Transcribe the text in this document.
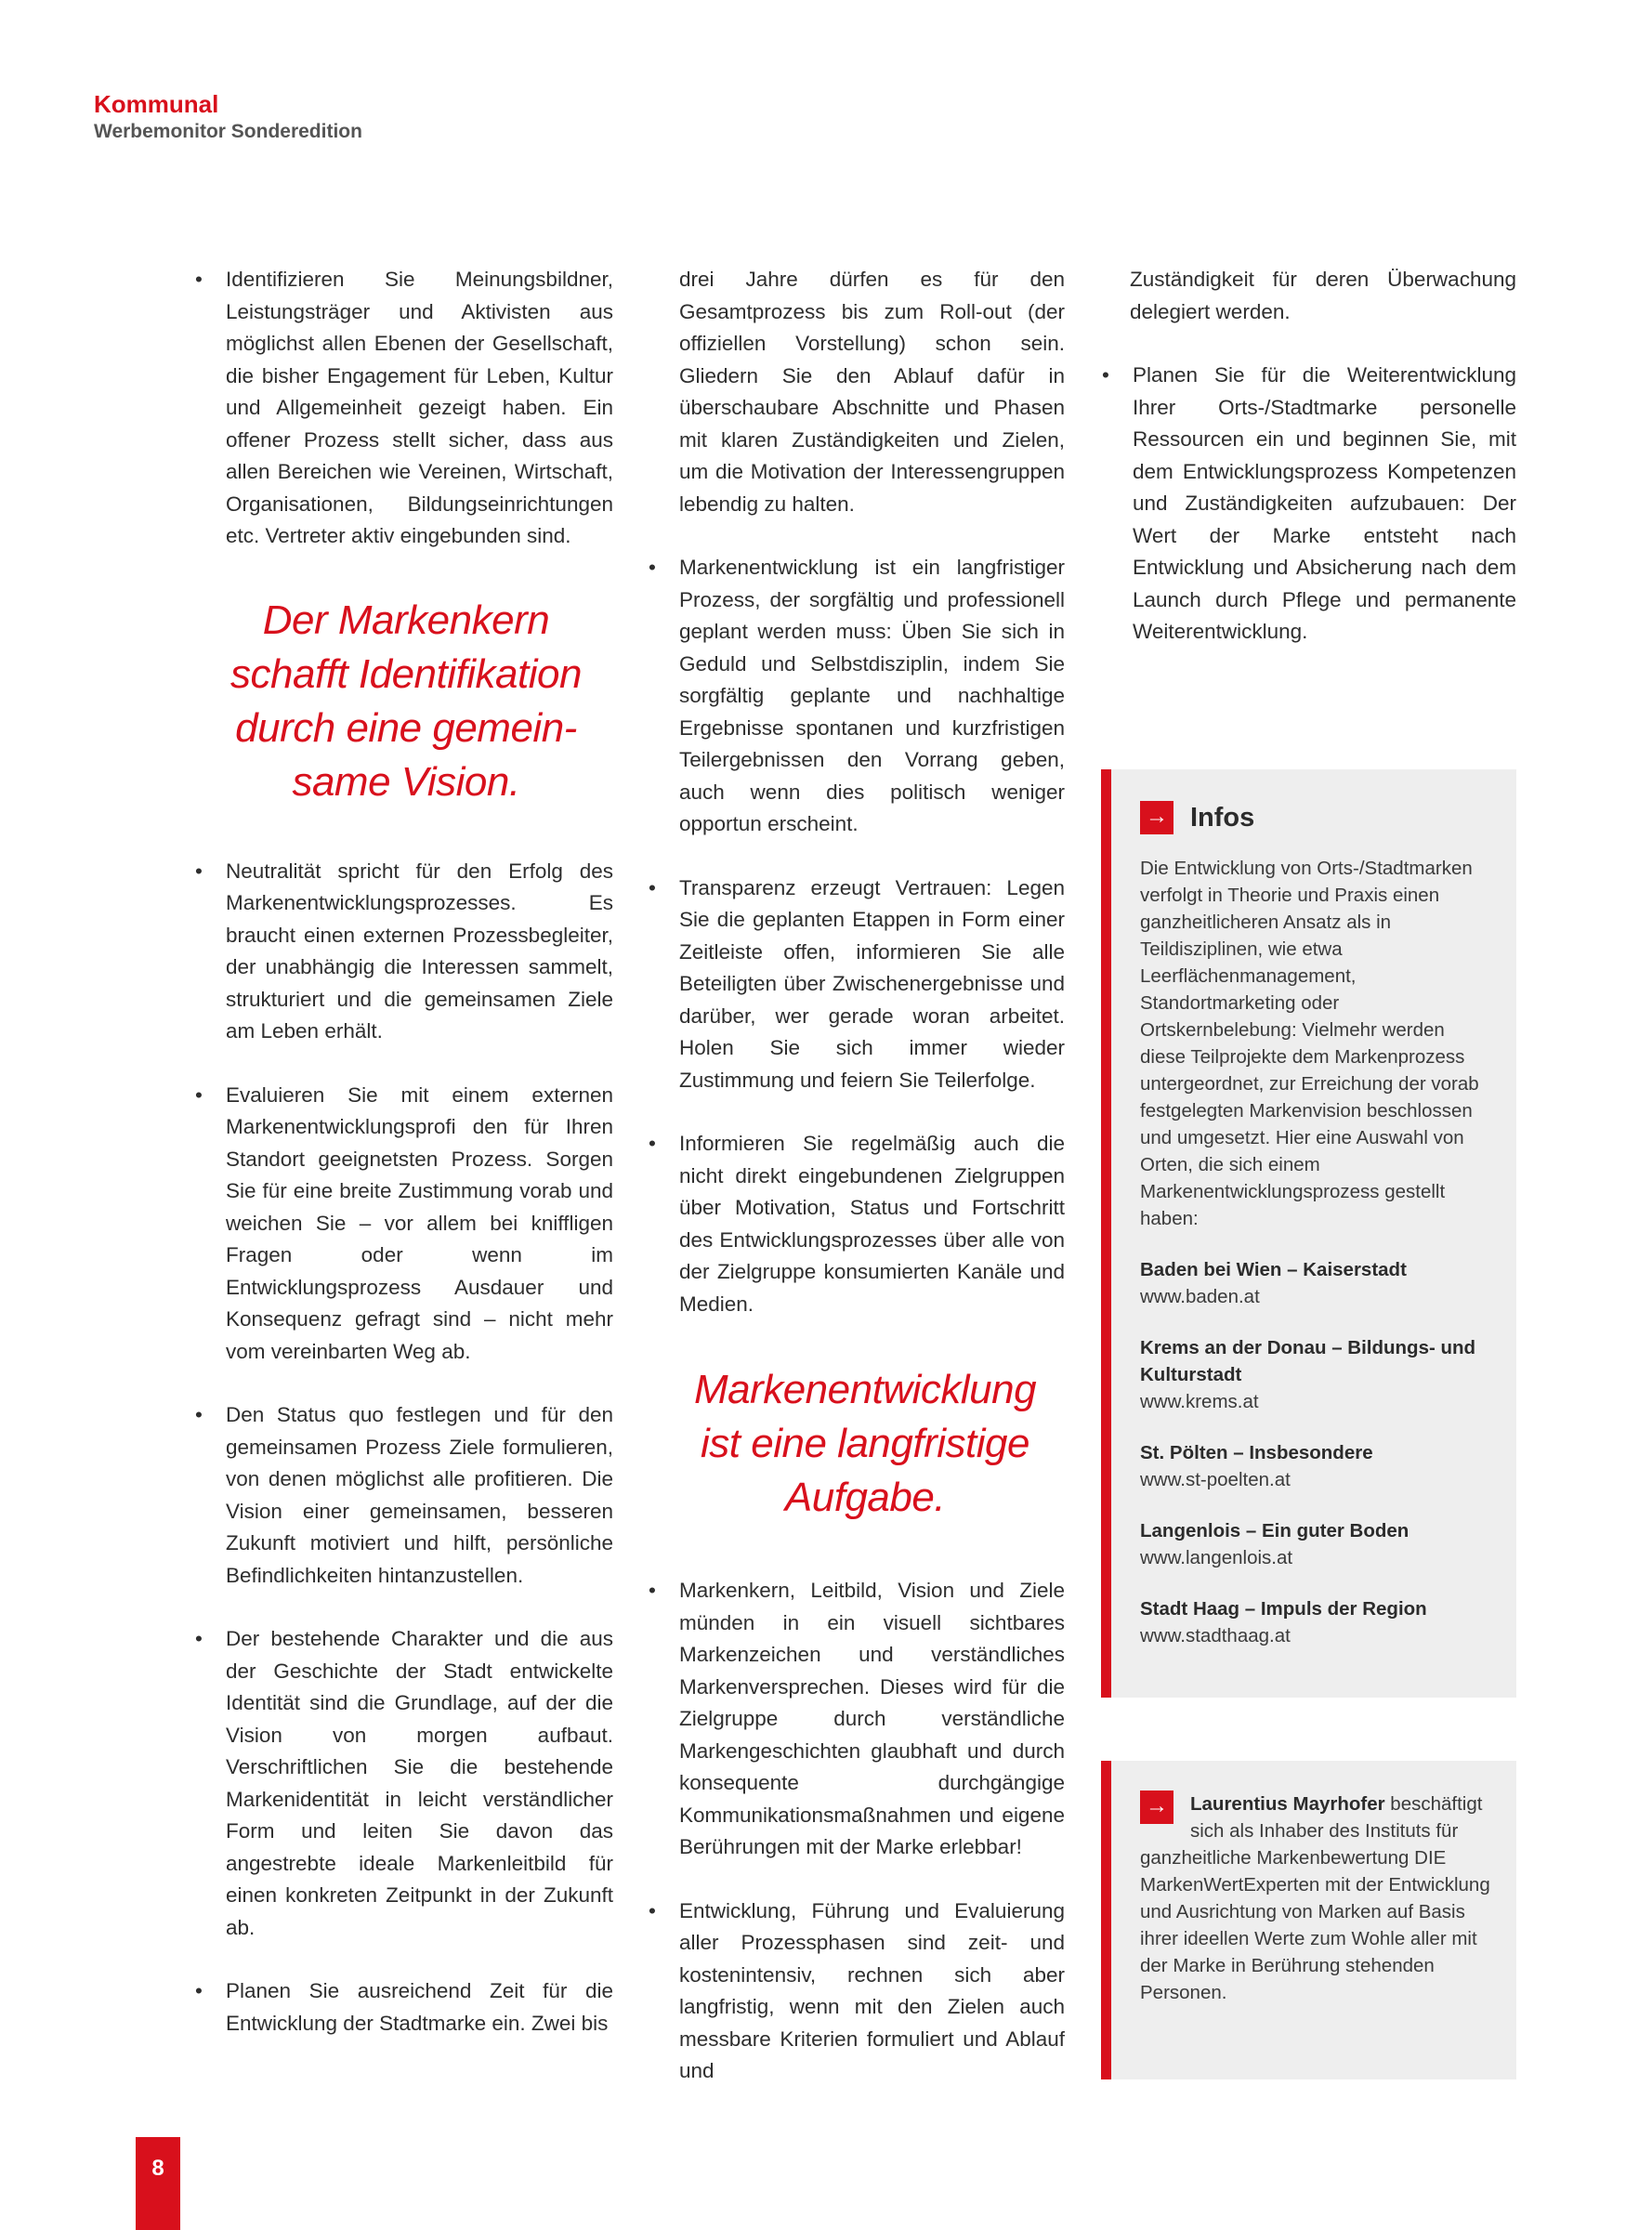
Kommunal
Werbemonitor Sonderedition
• Identifizieren Sie Meinungsbildner, Leistungsträger und Aktivisten aus möglichst allen Ebenen der Gesellschaft, die bisher Engagement für Leben, Kultur und Allgemeinheit gezeigt haben. Ein offener Prozess stellt sicher, dass aus allen Bereichen wie Vereinen, Wirtschaft, Organisationen, Bildungseinrichtungen etc. Vertreter aktiv eingebunden sind.
Der Markenkern
schafft Identifikation
durch eine gemein-
same Vision.
• Neutralität spricht für den Erfolg des Markenentwicklungsprozesses. Es braucht einen externen Prozessbegleiter, der unabhängig die Interessen sammelt, strukturiert und die gemeinsamen Ziele am Leben erhält.
• Evaluieren Sie mit einem externen Markenentwicklungsprofi den für Ihren Standort geeignetsten Prozess. Sorgen Sie für eine breite Zustimmung vorab und weichen Sie – vor allem bei kniffligen Fragen oder wenn im Entwicklungsprozess Ausdauer und Konsequenz gefragt sind – nicht mehr vom vereinbarten Weg ab.
• Den Status quo festlegen und für den gemeinsamen Prozess Ziele formulieren, von denen möglichst alle profitieren. Die Vision einer gemeinsamen, besseren Zukunft motiviert und hilft, persönliche Befindlichkeiten hintanzustellen.
• Der bestehende Charakter und die aus der Geschichte der Stadt entwickelte Identität sind die Grundlage, auf der die Vision von morgen aufbaut. Verschriftlichen Sie die bestehende Markenidentität in leicht verständlicher Form und leiten Sie davon das angestrebte ideale Markenleitbild für einen konkreten Zeitpunkt in der Zukunft ab.
• Planen Sie ausreichend Zeit für die Entwicklung der Stadtmarke ein. Zwei bis
drei Jahre dürfen es für den Gesamtprozess bis zum Roll-out (der offiziellen Vorstellung) schon sein. Gliedern Sie den Ablauf dafür in überschaubare Abschnitte und Phasen mit klaren Zuständigkeiten und Zielen, um die Motivation der Interessengruppen lebendig zu halten.
• Markenentwicklung ist ein langfristiger Prozess, der sorgfältig und professionell geplant werden muss: Üben Sie sich in Geduld und Selbstdisziplin, indem Sie sorgfältig geplante und nachhaltige Ergebnisse spontanen und kurzfristigen Teilergebnissen den Vorrang geben, auch wenn dies politisch weniger opportun erscheint.
• Transparenz erzeugt Vertrauen: Legen Sie die geplanten Etappen in Form einer Zeitleiste offen, informieren Sie alle Beteiligten über Zwischenergebnisse und darüber, wer gerade woran arbeitet. Holen Sie sich immer wieder Zustimmung und feiern Sie Teilerfolge.
• Informieren Sie regelmäßig auch die nicht direkt eingebundenen Zielgruppen über Motivation, Status und Fortschritt des Entwicklungsprozesses über alle von der Zielgruppe konsumierten Kanäle und Medien.
Markenentwicklung
ist eine langfristige
Aufgabe.
• Markenkern, Leitbild, Vision und Ziele münden in ein visuell sichtbares Markenzeichen und verständliches Markenversprechen. Dieses wird für die Zielgruppe durch verständliche Markengeschichten glaubhaft und durch konsequente durchgängige Kommunikationsmaßnahmen und eigene Berührungen mit der Marke erlebbar!
• Entwicklung, Führung und Evaluierung aller Prozessphasen sind zeit- und kostenintensiv, rechnen sich aber langfristig, wenn mit den Zielen auch messbare Kriterien formuliert und Ablauf und
Zuständigkeit für deren Überwachung delegiert werden.
• Planen Sie für die Weiterentwicklung Ihrer Orts-/Stadtmarke personelle Ressourcen ein und beginnen Sie, mit dem Entwicklungsprozess Kompetenzen und Zuständigkeiten aufzubauen: Der Wert der Marke entsteht nach Entwicklung und Absicherung nach dem Launch durch Pflege und permanente Weiterentwicklung.
→ Infos
Die Entwicklung von Orts-/Stadtmarken verfolgt in Theorie und Praxis einen ganzheitlicheren Ansatz als in Teildisziplinen, wie etwa Leerflächenmanagement, Standortmarketing oder Ortskernbelebung: Vielmehr werden diese Teilprojekte dem Markenprozess untergeordnet, zur Erreichung der vorab festgelegten Markenvision beschlossen und umgesetzt. Hier eine Auswahl von Orten, die sich einem Markenentwicklungsprozess gestellt haben:
Baden bei Wien – Kaiserstadt
www.baden.at
Krems an der Donau – Bildungs- und Kulturstadt
www.krems.at
St. Pölten – Insbesondere
www.st-poelten.at
Langenlois – Ein guter Boden
www.langenlois.at
Stadt Haag – Impuls der Region
www.stadthaag.at
→ Laurentius Mayrhofer beschäftigt sich als Inhaber des Instituts für ganzheitliche Markenbewertung DIE MarkenWertExperten mit der Entwicklung und Ausrichtung von Marken auf Basis ihrer ideellen Werte zum Wohle aller mit der Marke in Berührung stehenden Personen.
8
